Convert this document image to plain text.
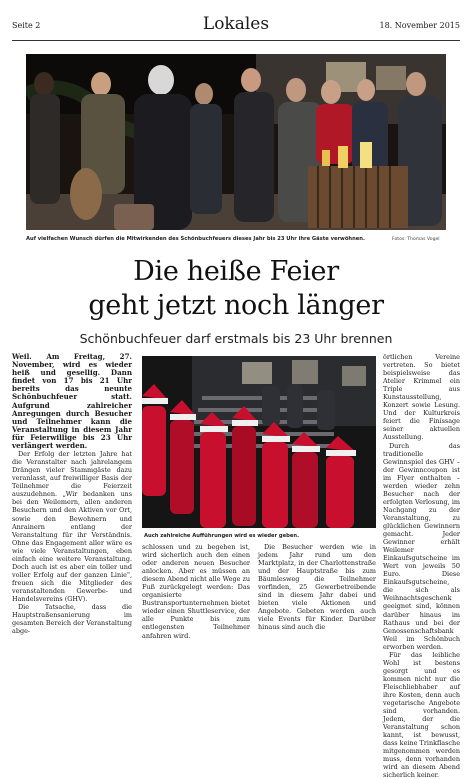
Seite 2	Lokales	18. November 2015
Auf vielfachen Wunsch dürfen die Mitwirkenden des Schönbuchfeuers dieses Jahr bis 23 Uhr ihre Gäste verwöhnen.	Fotos: Thomas Vogel
Die heiße Feier
geht jetzt noch länger
Schönbuchfeuer darf erstmals bis 23 Uhr brennen

Weil. Am Freitag, 27. November, wird es wieder heiß und gesellig. Dann findet von 17 bis 21 Uhr bereits das neunte Schönbuchfeuer statt. Aufgrund zahlreicher Anregungen durch Besucher und Teilnehmer kann die Veranstaltung in diesem Jahr für Feierwillige bis 23 Uhr verlängert werden.

Der Erfolg der letzten Jahre hat die Veranstalter nach jahrelangem Drängen vieler Stammgäste dazu veranlasst, auf freiwilliger Basis der Teilnehmer die Feierzeit auszudehnen. „Wir bedanken uns bei den Weilemern, allen anderen Besuchern und den Aktiven vor Ort, sowie den Bewohnern und Anrainern entlang der Veranstaltung für ihr Verständnis. Ohne das Engagement aller wäre es wie viele Veranstaltungen, eben einfach eine weitere Veranstaltung. Doch auch ist es aber ein toller und voller Erfolg auf der ganzen Linie", freuen sich die Mitglieder des veranstaltenden Gewerbe- und Handelsvereins (GHV).

Die Tatsache, dass die Hauptstraßensanierung im gesamten Bereich der Veranstaltung abge-

Auch zahlreiche Aufführungen wird es wieder geben.

schlossen und zu begehen ist, wird sicherlich auch den einen oder anderen neuen Besucher anlocken. Aber es müssen an diesem Abend nicht alle Wege zu Fuß zurückgelegt werden: Das organisierte Bustransportunternehmen bietet wieder einen Shuttleservice, der alle Punkte bis zum entlegensten Teilnehmer anfahren wird.

Die Besucher werden wie in jedem Jahr rund um den Marktplatz, in der Charlottenstraße und der Hauptstraße bis zum Bäumlesweg die Teilnehmer vorfinden, 25 Gewerbetreibende sind in diesem Jahr dabei und bieten viele Aktionen und Angebote. Gebeten werden auch viele Events für Kinder. Darüber hinaus sind auch die

örtlichen Vereine vertreten. So bietet beispielsweise das Atelier Krimmel ein Triple aus Kunstausstellung, Konzert sowie Lesung. Und der Kulturkreis feiert die Finissage seiner aktuellen Ausstellung.

Durch das traditionelle Gewinnspiel des GHV – der Gewinncoupon ist im Flyer enthalten – werden wieder zehn Besucher nach der erfolgten Verlosung, im Nachgang zu der Veranstaltung, zu glücklichen Gewinnern gemacht. Jeder Gewinner erhält Weilemer Einkaufsgutscheine im Wert von jeweils 50 Euro. Diese Einkaufsgutscheine, die sich als Weihnachtsgeschenk geeignet sind, können darüber hinaus im Rathaus und bei der Genossenschaftsbank Weil im Schönbuch erworben werden.

Für das leibliche Wohl ist bestens gesorgt und es kommen nicht nur die Fleischliebhaber auf ihre Kosten, denn auch vegetarische Angebote sind vorhanden. Jedem, der die Veranstaltung schon kannt, ist bewusst, dass keine Trinkflasche mitgenommen werden muss, denn vorhanden wird an diesem Abend sicherlich keiner.
